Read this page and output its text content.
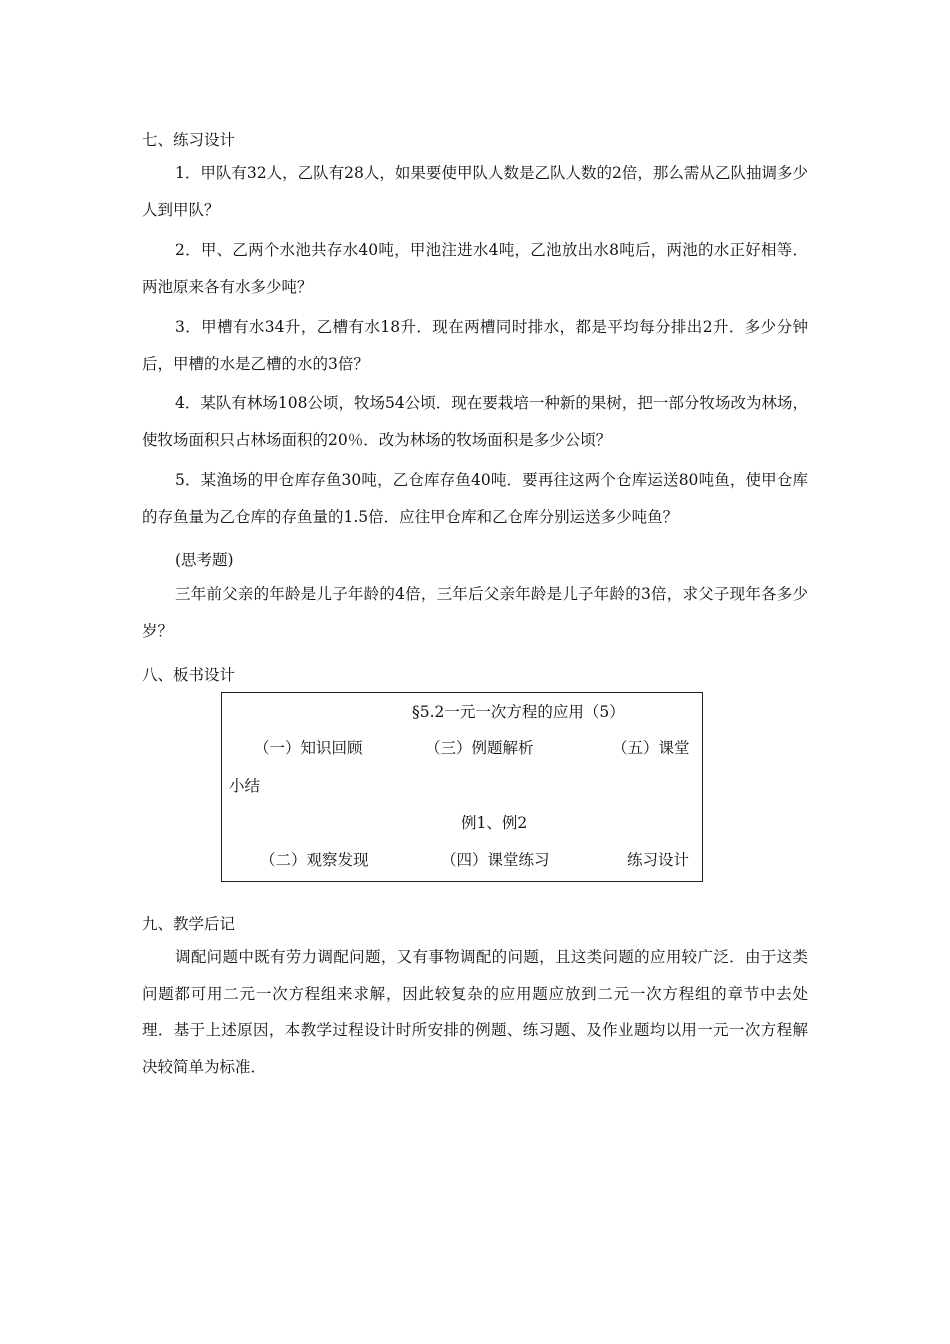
七、练习设计
1．甲队有32人，乙队有28人，如果要使甲队人数是乙队人数的2倍，那么需从乙队抽调多少人到甲队？
2．甲、乙两个水池共存水40吨，甲池注进水4吨，乙池放出水8吨后，两池的水正好相等．两池原来各有水多少吨？
3．甲槽有水34升，乙槽有水18升．现在两槽同时排水，都是平均每分排出2升．多少分钟后，甲槽的水是乙槽的水的3倍？
4．某队有林场108公顷，牧场54公顷．现在要栽培一种新的果树，把一部分牧场改为林场，使牧场面积只占林场面积的20％．改为林场的牧场面积是多少公顷？
5．某渔场的甲仓库存鱼30吨，乙仓库存鱼40吨．要再往这两个仓库运送80吨鱼，使甲仓库的存鱼量为乙仓库的存鱼量的1.5倍．应往甲仓库和乙仓库分别运送多少吨鱼？
(思考题)
三年前父亲的年龄是儿子年龄的4倍，三年后父亲年龄是儿子年龄的3倍，求父子现年各多少岁？
八、板书设计
§5.2一元一次方程的应用（5）
（一）知识回顾	（三）例题解析	（五）课堂
小结
例1、例2
（二）观察发现	（四）课堂练习	练习设计
九、教学后记
调配问题中既有劳力调配问题，又有事物调配的问题，且这类问题的应用较广泛．由于这类问题都可用二元一次方程组来求解，因此较复杂的应用题应放到二元一次方程组的章节中去处理．基于上述原因，本教学过程设计时所安排的例题、练习题、及作业题均以用一元一次方程解决较简单为标准．
